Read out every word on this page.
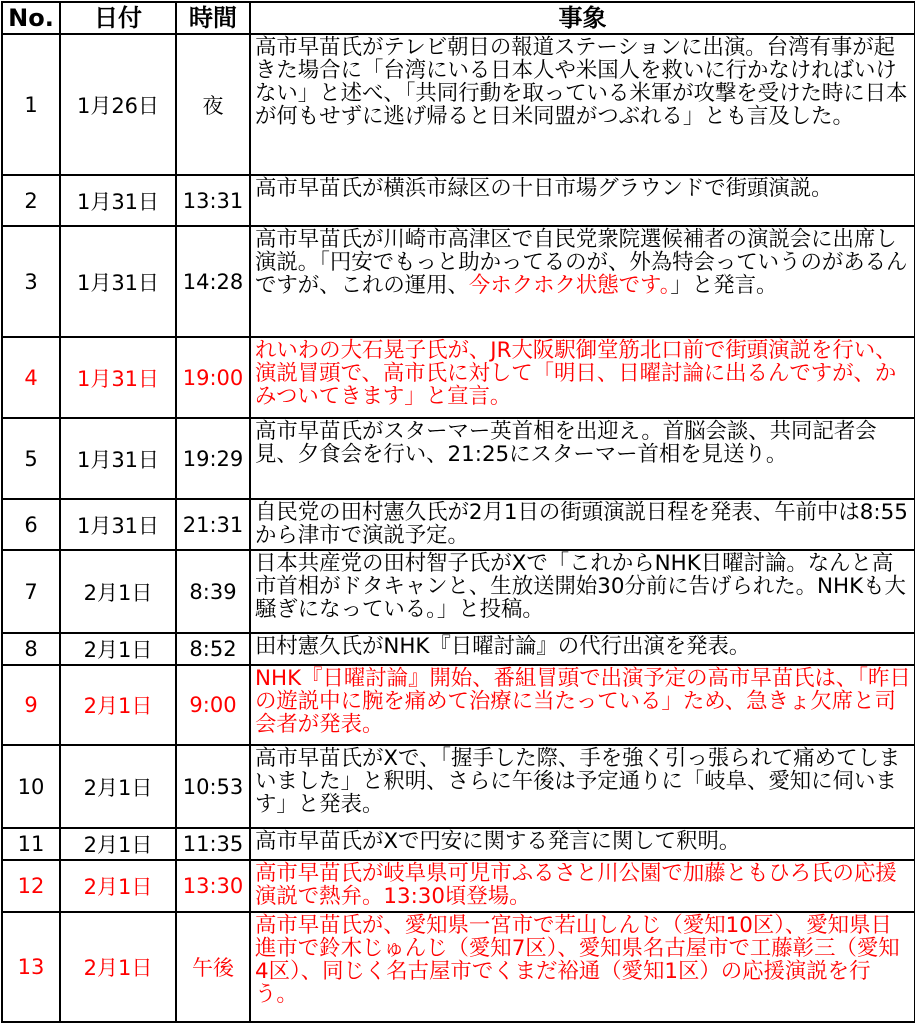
No.	日付	時間	事象
1	1月26日	夜	高市早苗氏がテレビ朝日の報道ステーションに出演。台湾有事が起きた場合に「台湾にいる日本人や米国人を救いに行かなければいけない」と述べ、「共同行動を取っている米軍が攻撃を受けた時に日本が何もせずに逃げ帰ると日米同盟がつぶれる」とも言及した。
2	1月31日	13:31	高市早苗氏が横浜市緑区の十日市場グラウンドで街頭演説。
3	1月31日	14:28	高市早苗氏が川崎市高津区で自民党衆院選候補者の演説会に出席し演説。「円安でもっと助かってるのが、外為特会っていうのがあるんですが、これの運用、今ホクホク状態です。」と発言。
4	1月31日	19:00	れいわの大石晃子氏が、JR大阪駅御堂筋北口前で街頭演説を行い、演説冒頭で、高市氏に対して「明日、日曜討論に出るんですが、かみついてきます」と宣言。
5	1月31日	19:29	高市早苗氏がスターマー英首相を出迎え。首脳会談、共同記者会見、夕食会を行い、21:25にスターマー首相を見送り。
6	1月31日	21:31	自民党の田村憲久氏が2月1日の街頭演説日程を発表、午前中は8:55から津市で演説予定。
7	2月1日	8:39	日本共産党の田村智子氏がXで「これからNHK日曜討論。なんと高市首相がドタキャンと、生放送開始30分前に告げられた。NHKも大騒ぎになっている。」と投稿。
8	2月1日	8:52	田村憲久氏がNHK『日曜討論』の代行出演を発表。
9	2月1日	9:00	NHK『日曜討論』開始、番組冒頭で出演予定の高市早苗氏は、「昨日の遊説中に腕を痛めて治療に当たっている」ため、急きょ欠席と司会者が発表。
10	2月1日	10:53	高市早苗氏がXで、「握手した際、手を強く引っ張られて痛めてしまいました」と釈明、さらに午後は予定通りに「岐阜、愛知に伺います」と発表。
11	2月1日	11:35	高市早苗氏がXで円安に関する発言に関して釈明。
12	2月1日	13:30	高市早苗氏が岐阜県可児市ふるさと川公園で加藤ともひろ氏の応援演説で熱弁。13:30頃登場。
13	2月1日	午後	高市早苗氏が、愛知県一宮市で若山しんじ（愛知10区）、愛知県日進市で鈴木じゅんじ（愛知7区）、愛知県名古屋市で工藤彰三（愛知4区）、同じく名古屋市でくまだ裕通（愛知1区）の応援演説を行う。
